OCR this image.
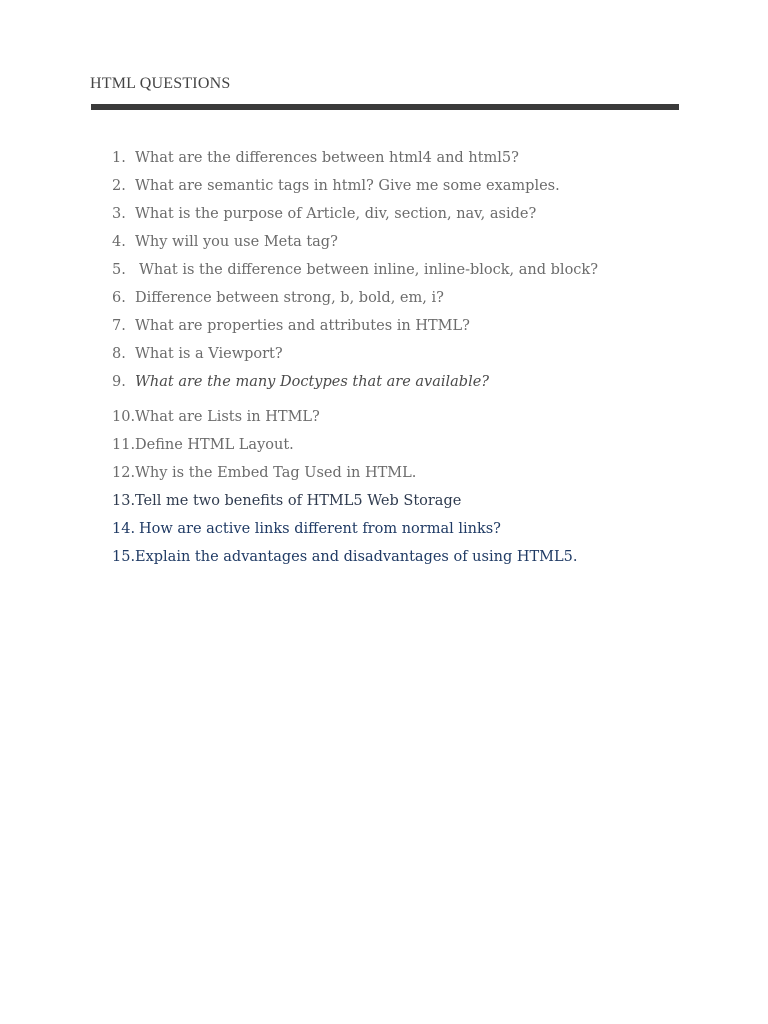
HTML QUESTIONS
1. What are the differences between html4 and html5?
2. What are semantic tags in html? Give me some examples.
3. What is the purpose of Article, div, section, nav, aside?
4. Why will you use Meta tag?
5. What is the difference between inline, inline-block, and block?
6. Difference between strong, b, bold, em, i?
7. What are properties and attributes in HTML?
8. What is a Viewport?
9. What are the many Doctypes that are available?
10. What are Lists in HTML?
11. Define HTML Layout.
12. Why is the Embed Tag Used in HTML.
13. Tell me two benefits of HTML5 Web Storage
14. How are active links different from normal links?
15. Explain the advantages and disadvantages of using HTML5.
